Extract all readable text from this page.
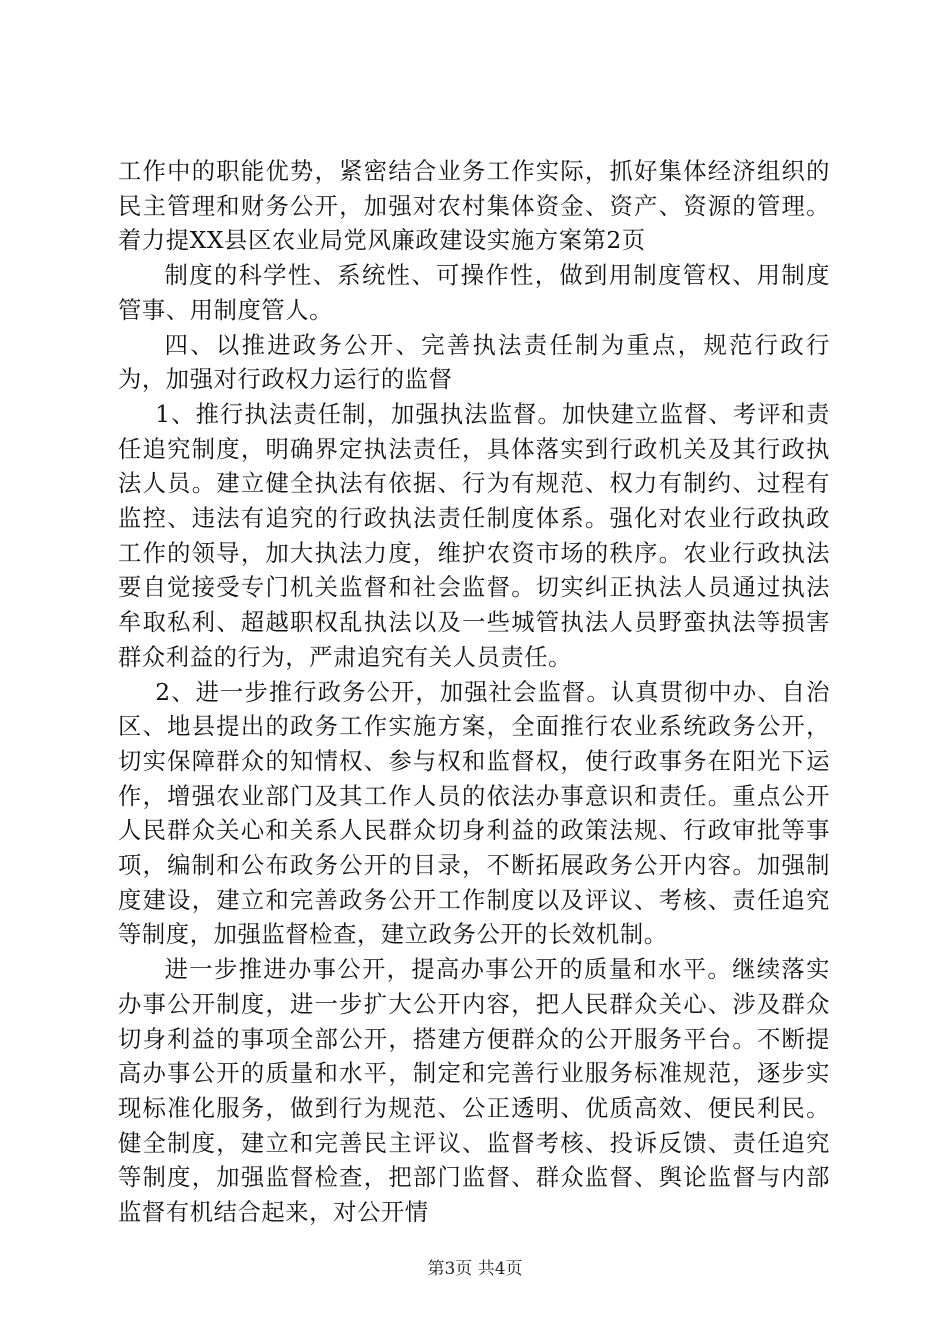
工作中的职能优势，紧密结合业务工作实际，抓好集体经济组织的民主管理和财务公开，加强对农村集体资金、资产、资源的管理。着力提XX县区农业局党风廉政建设实施方案第2页

制度的科学性、系统性、可操作性，做到用制度管权、用制度管事、用制度管人。

四、以推进政务公开、完善执法责任制为重点，规范行政行为，加强对行政权力运行的监督

1、推行执法责任制，加强执法监督。加快建立监督、考评和责任追究制度，明确界定执法责任，具体落实到行政机关及其行政执法人员。建立健全执法有依据、行为有规范、权力有制约、过程有监控、违法有追究的行政执法责任制度体系。强化对农业行政执政工作的领导，加大执法力度，维护农资市场的秩序。农业行政执法要自觉接受专门机关监督和社会监督。切实纠正执法人员通过执法牟取私利、超越职权乱执法以及一些城管执法人员野蛮执法等损害群众利益的行为，严肃追究有关人员责任。

2、进一步推行政务公开，加强社会监督。认真贯彻中办、自治区、地县提出的政务工作实施方案，全面推行农业系统政务公开，切实保障群众的知情权、参与权和监督权，使行政事务在阳光下运作，增强农业部门及其工作人员的依法办事意识和责任。重点公开人民群众关心和关系人民群众切身利益的政策法规、行政审批等事项，编制和公布政务公开的目录，不断拓展政务公开内容。加强制度建设，建立和完善政务公开工作制度以及评议、考核、责任追究等制度，加强监督检查，建立政务公开的长效机制。

进一步推进办事公开，提高办事公开的质量和水平。继续落实办事公开制度，进一步扩大公开内容，把人民群众关心、涉及群众切身利益的事项全部公开，搭建方便群众的公开服务平台。不断提高办事公开的质量和水平，制定和完善行业服务标准规范，逐步实现标准化服务，做到行为规范、公正透明、优质高效、便民利民。健全制度，建立和完善民主评议、监督考核、投诉反馈、责任追究等制度，加强监督检查，把部门监督、群众监督、舆论监督与内部监督有机结合起来，对公开情

第3页 共4页
